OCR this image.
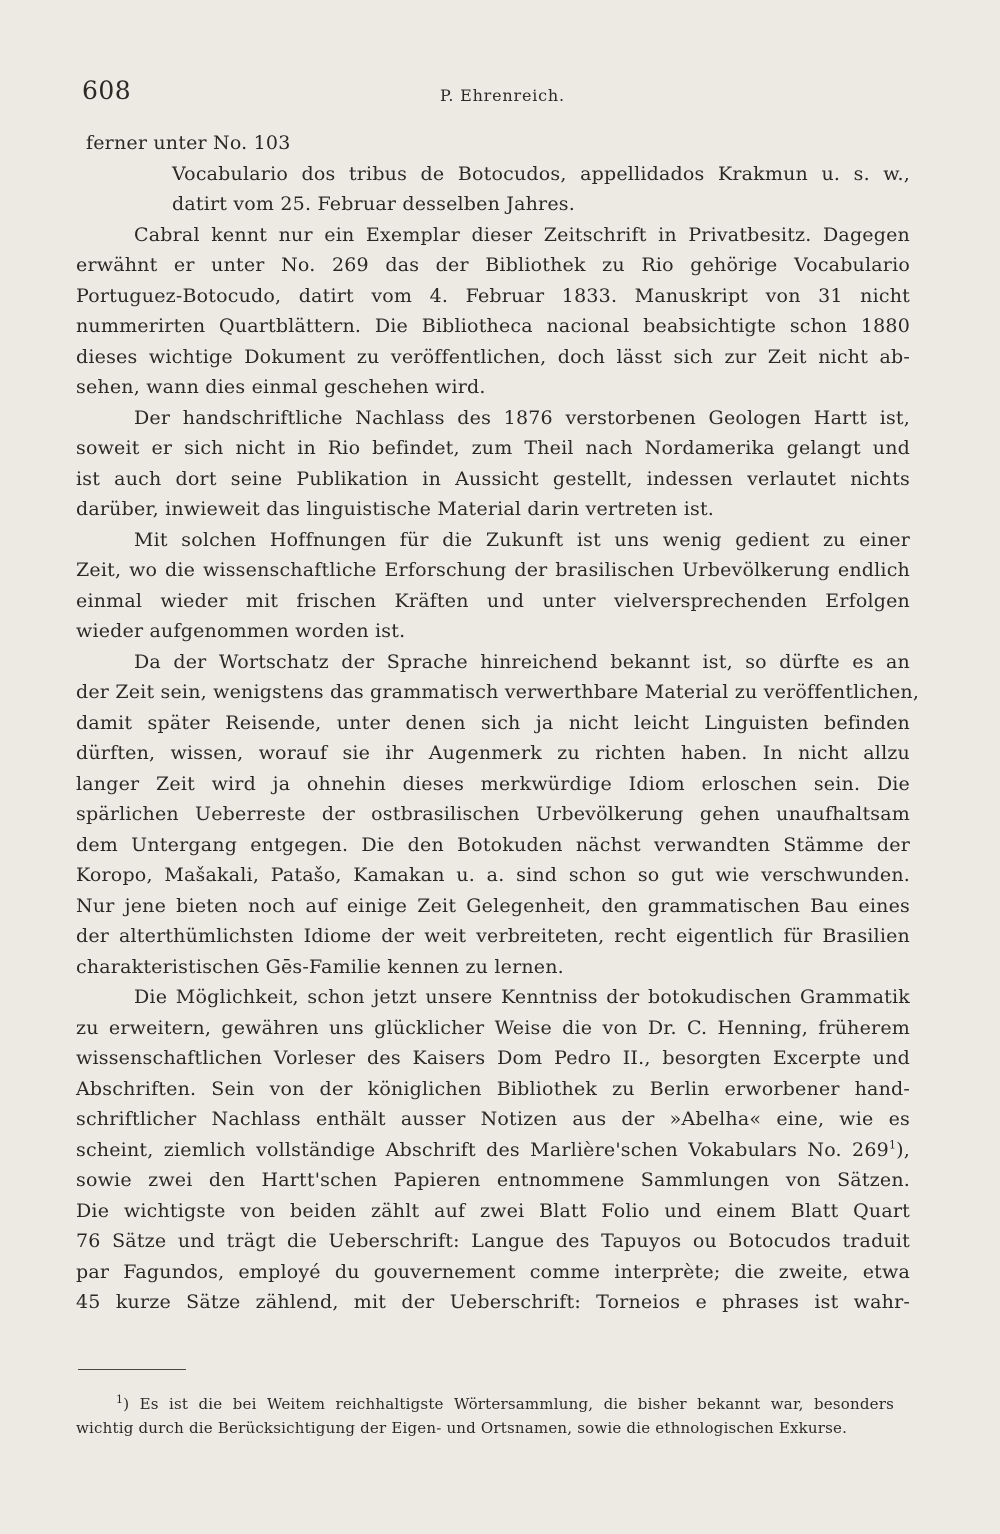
608	P. Ehrenreich.
ferner unter No. 103
Vocabulario dos tribus de Botocudos, appellidados Krakmun u. s. w.,
datirt vom 25. Februar desselben Jahres.
Cabral kennt nur ein Exemplar dieser Zeitschrift in Privatbesitz. Dagegen
erwähnt er unter No. 269 das der Bibliothek zu Rio gehörige Vocabulario
Portuguez-Botocudo, datirt vom 4. Februar 1833. Manuskript von 31 nicht
nummerirten Quartblättern. Die Bibliotheca nacional beabsichtigte schon 1880
dieses wichtige Dokument zu veröffentlichen, doch lässt sich zur Zeit nicht ab-
sehen, wann dies einmal geschehen wird.
Der handschriftliche Nachlass des 1876 verstorbenen Geologen Hartt ist,
soweit er sich nicht in Rio befindet, zum Theil nach Nordamerika gelangt und
ist auch dort seine Publikation in Aussicht gestellt, indessen verlautet nichts
darüber, inwieweit das linguistische Material darin vertreten ist.
Mit solchen Hoffnungen für die Zukunft ist uns wenig gedient zu einer
Zeit, wo die wissenschaftliche Erforschung der brasilischen Urbevölkerung endlich
einmal wieder mit frischen Kräften und unter vielversprechenden Erfolgen
wieder aufgenommen worden ist.
Da der Wortschatz der Sprache hinreichend bekannt ist, so dürfte es an
der Zeit sein, wenigstens das grammatisch verwerthbare Material zu veröffentlichen,
damit später Reisende, unter denen sich ja nicht leicht Linguisten befinden
dürften, wissen, worauf sie ihr Augenmerk zu richten haben. In nicht allzu
langer Zeit wird ja ohnehin dieses merkwürdige Idiom erloschen sein. Die
spärlichen Ueberreste der ostbrasilischen Urbevölkerung gehen unaufhaltsam
dem Untergang entgegen. Die den Botokuden nächst verwandten Stämme der
Koropo, Mašakali, Patašo, Kamakan u. a. sind schon so gut wie verschwunden.
Nur jene bieten noch auf einige Zeit Gelegenheit, den grammatischen Bau eines
der alterthümlichsten Idiome der weit verbreiteten, recht eigentlich für Brasilien
charakteristischen Gēs-Familie kennen zu lernen.
Die Möglichkeit, schon jetzt unsere Kenntniss der botokudischen Grammatik
zu erweitern, gewähren uns glücklicher Weise die von Dr. C. Henning, früherem
wissenschaftlichen Vorleser des Kaisers Dom Pedro II., besorgten Excerpte und
Abschriften. Sein von der königlichen Bibliothek zu Berlin erworbener hand-
schriftlicher Nachlass enthält ausser Notizen aus der »Abelha« eine, wie es
scheint, ziemlich vollständige Abschrift des Marlière'schen Vokabulars No. $269^1$),
sowie zwei den Hartt'schen Papieren entnommene Sammlungen von Sätzen.
Die wichtigste von beiden zählt auf zwei Blatt Folio und einem Blatt Quart
76 Sätze und trägt die Ueberschrift: Langue des Tapuyos ou Botocudos traduit
par Fagundos, employé du gouvernement comme interprète; die zweite, etwa
45 kurze Sätze zählend, mit der Ueberschrift: Torneios e phrases ist wahr-
$^1$) Es ist die bei Weitem reichhaltigste Wörtersammlung, die bisher bekannt war, besonders
wichtig durch die Berücksichtigung der Eigen- und Ortsnamen, sowie die ethnologischen Exkurse.
